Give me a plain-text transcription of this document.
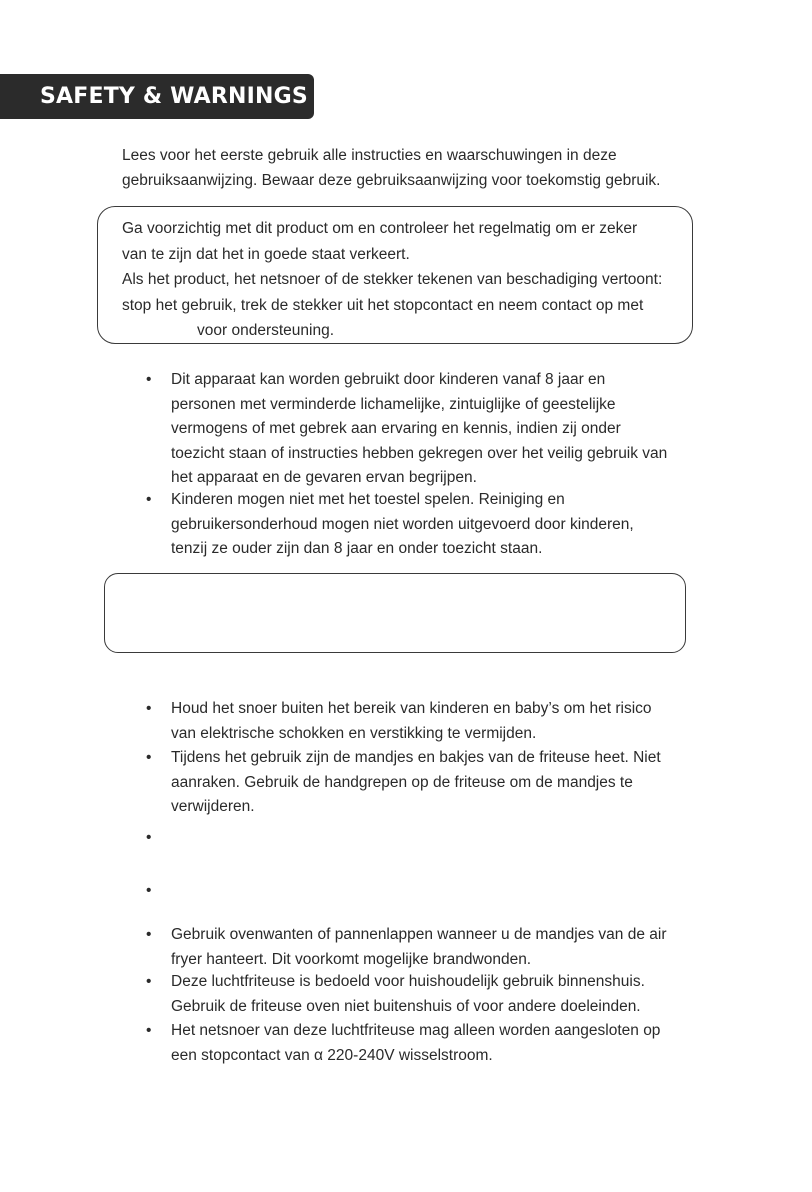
SAFETY & WARNINGS

Lees voor het eerste gebruik alle instructies en waarschuwingen in deze

gebruiksaanwijzing. Bewaar deze gebruiksaanwijzing voor toekomstig gebruik.

Ga voorzichtig met dit product om en controleer het regelmatig om er zeker

van te zijn dat het in goede staat verkeert.

Als het product, het netsnoer of de stekker tekenen van beschadiging vertoont:

stop het gebruik, trek de stekker uit het stopcontact en neem contact op met

voor ondersteuning.

•	Dit apparaat kan worden gebruikt door kinderen vanaf 8 jaar en
personen met verminderde lichamelijke, zintuiglijke of geestelijke
vermogens of met gebrek aan ervaring en kennis, indien zij onder
toezicht staan of instructies hebben gekregen over het veilig gebruik van
het apparaat en de gevaren ervan begrijpen.
•	Kinderen mogen niet met het toestel spelen. Reiniging en
gebruikersonderhoud mogen niet worden uitgevoerd door kinderen,
tenzij ze ouder zijn dan 8 jaar en onder toezicht staan.
•	Houd het snoer buiten het bereik van kinderen en baby’s om het risico
van elektrische schokken en verstikking te vermijden.
•	Tijdens het gebruik zijn de mandjes en bakjes van de friteuse heet. Niet
aanraken. Gebruik de handgrepen op de friteuse om de mandjes te
verwijderen.
•
•
•	Gebruik ovenwanten of pannenlappen wanneer u de mandjes van de air
fryer hanteert. Dit voorkomt mogelijke brandwonden.
•	Deze luchtfriteuse is bedoeld voor huishoudelijk gebruik binnenshuis.
Gebruik de friteuse oven niet buitenshuis of voor andere doeleinden.
•	Het netsnoer van deze luchtfriteuse mag alleen worden aangesloten op
een stopcontact van α 220-240V wisselstroom.
